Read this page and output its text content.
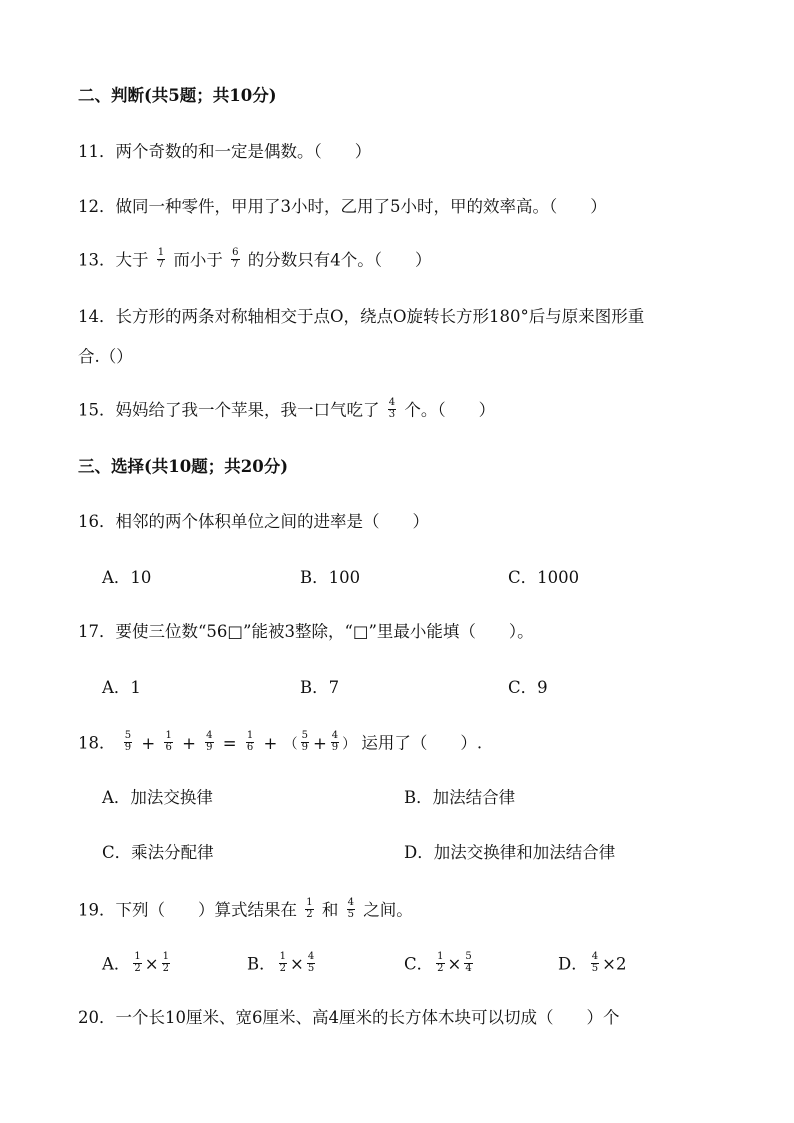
二、判断(共5题；共10分)
11．两个奇数的和一定是偶数。（　　）
12．做同一种零件，甲用了3小时，乙用了5小时，甲的效率高。（　　）
13．大于 $\frac{1}{7}$ 而小于 $\frac{6}{7}$ 的分数只有4个。（　　）
14．长方形的两条对称轴相交于点O，绕点O旋转长方形180°后与原来图形重
合.（）
15．妈妈给了我一个苹果，我一口气吃了 $\frac{4}{3}$ 个。（　　）
三、选择(共10题；共20分)
16．相邻的两个体积单位之间的进率是（　　）
A．10	B．100	C．1000
17．要使三位数“56□”能被3整除，“□”里最小能填（　　）。
A．1	B．7	C．9
18． $\frac{5}{9} + \frac{1}{6} + \frac{4}{9} = \frac{1}{6}$ + （ $\frac{5}{9} + \frac{4}{9}$ ） 运用了（　　）.
A．加法交换律	B．加法结合律
C．乘法分配律	D．加法交换律和加法结合律
19．下列（　　）算式结果在 $\frac{1}{2}$ 和 $\frac{4}{5}$ 之间。
A． $\frac{1}{2} \times \frac{1}{2}$	B． $\frac{1}{2} \times \frac{4}{5}$	C． $\frac{1}{2} \times \frac{5}{4}$	D． $\frac{4}{5} \times 2$
20．一个长10厘米、宽6厘米、高4厘米的长方体木块可以切成（　　）个
